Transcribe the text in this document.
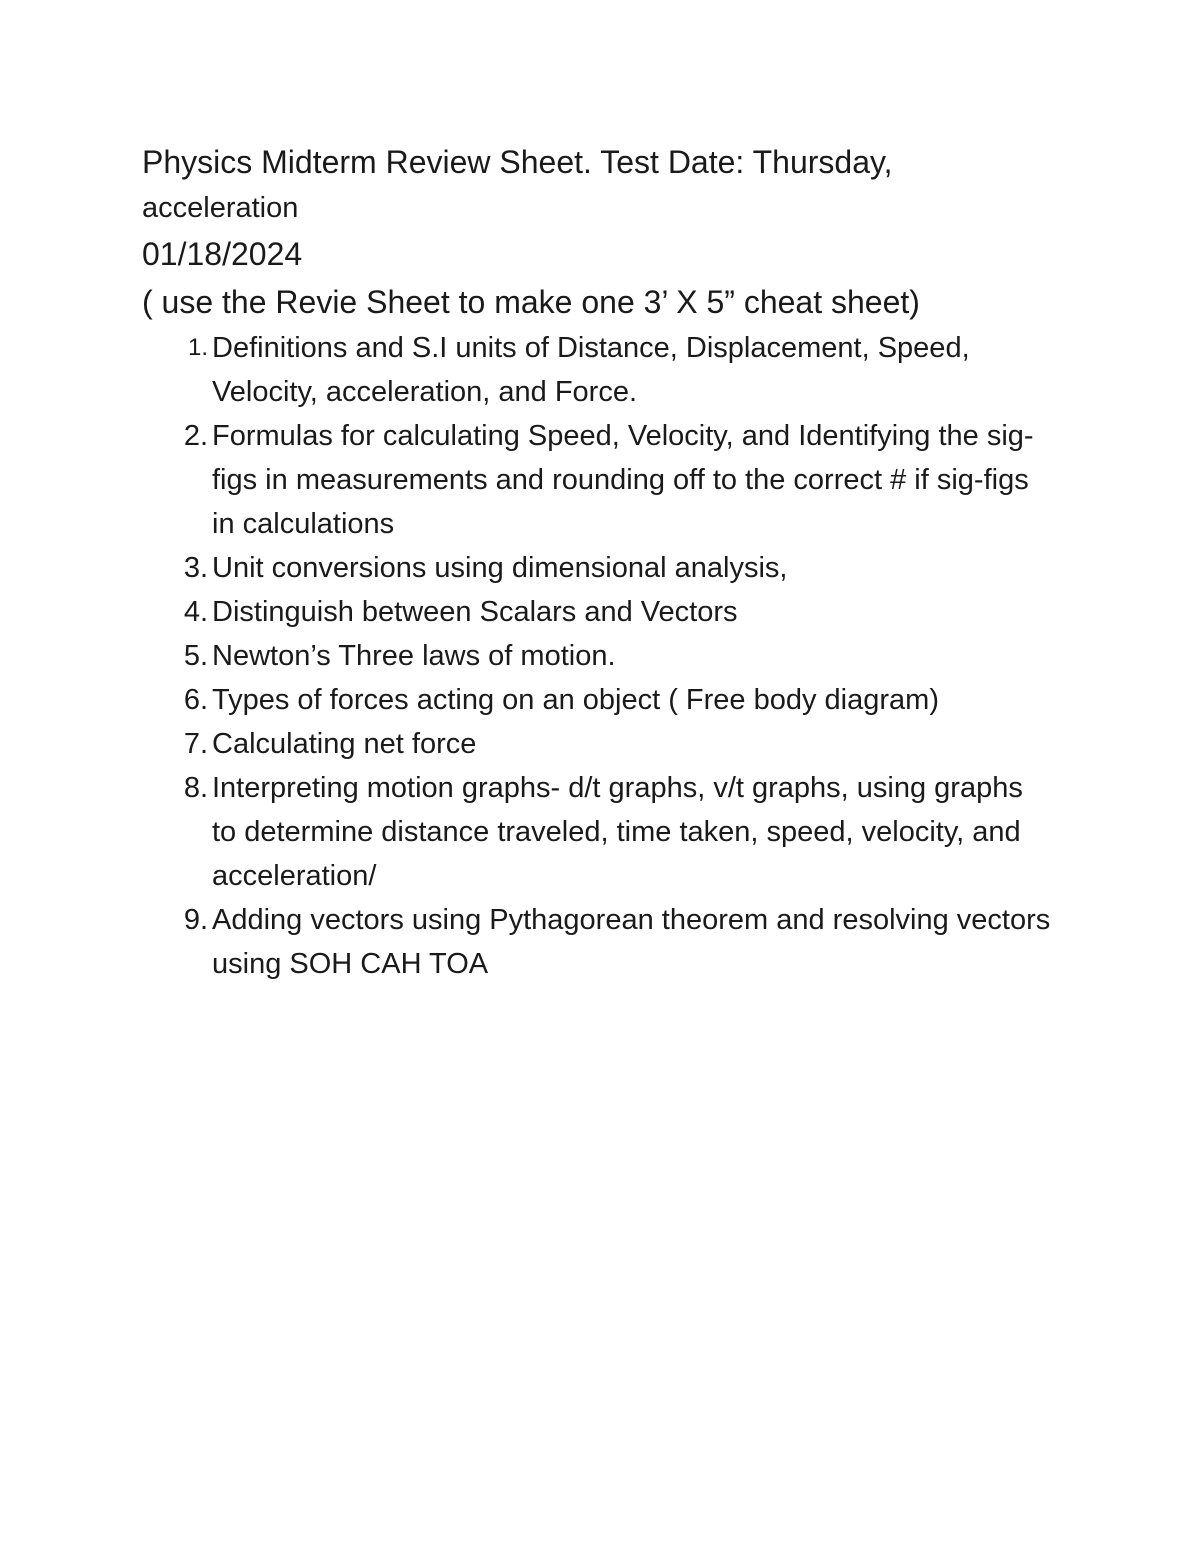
Physics Midterm Review Sheet. Test Date: Thursday,

acceleration

01/18/2024

( use the Revie Sheet to make one 3’ X 5” cheat sheet)

1. Definitions and S.I units of Distance, Displacement, Speed, Velocity, acceleration, and Force.
2. Formulas for calculating Speed, Velocity, and Identifying the sig-figs in measurements and rounding off to the correct # if sig-figs in calculations
3. Unit conversions using dimensional analysis,
4. Distinguish between Scalars and Vectors
5. Newton’s Three laws of motion.
6. Types of forces acting on an object ( Free body diagram)
7. Calculating net force
8. Interpreting motion graphs- d/t graphs, v/t graphs, using graphs to determine distance traveled, time taken, speed, velocity, and acceleration/
9. Adding vectors using Pythagorean theorem and resolving vectors using SOH CAH TOA
